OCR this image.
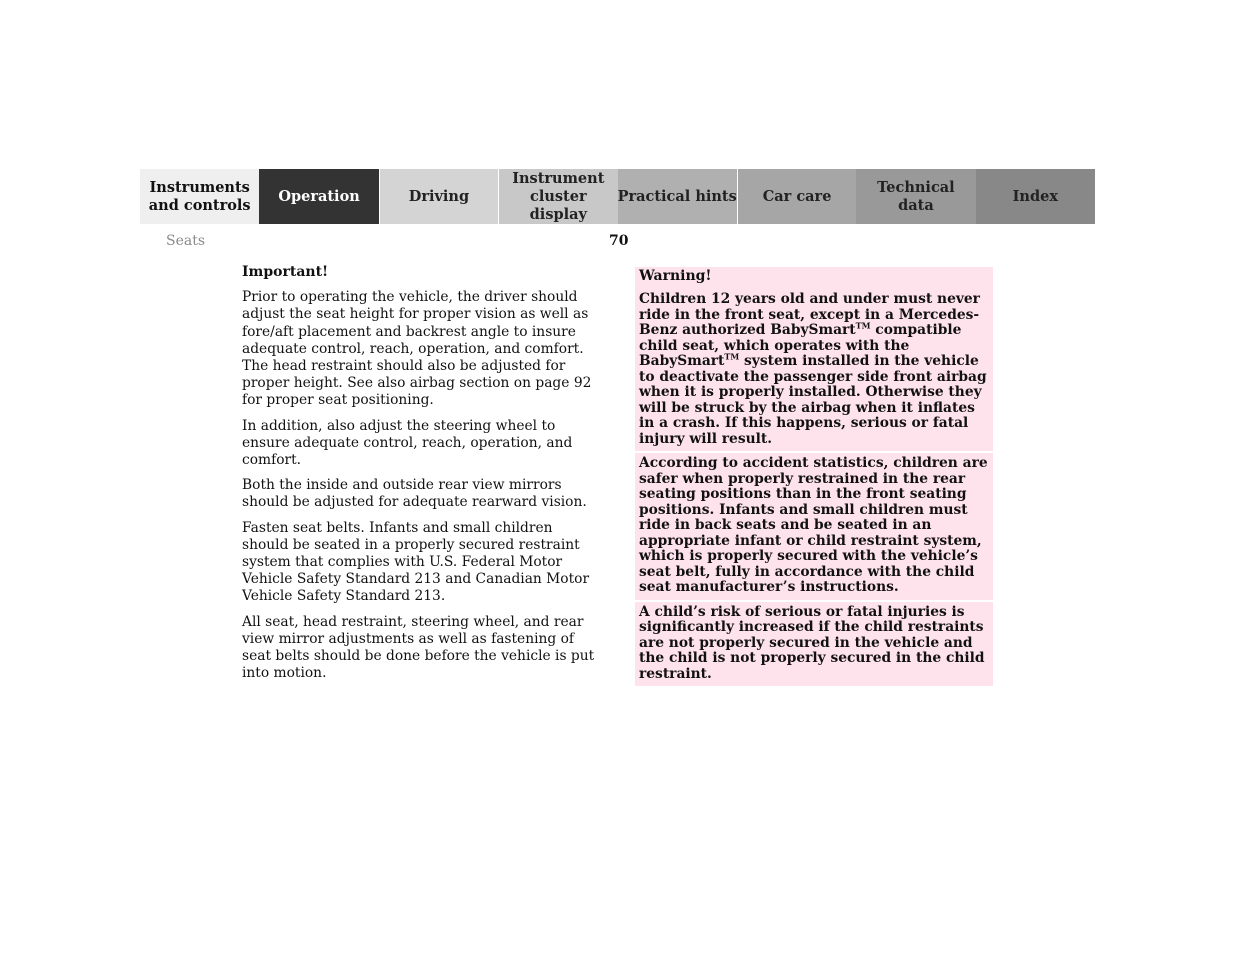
Instruments
and controls
Operation	Driving
Instrument
cluster display
Practical hints Car care
Technical
data
Index
Seats	70
Important!

Prior to operating the vehicle, the driver should adjust the seat height for proper vision as well as fore/aft placement and backrest angle to insure adequate control, reach, operation, and comfort. The head restraint should also be adjusted for proper height. See also airbag section on page 92 for proper seat positioning.

In addition, also adjust the steering wheel to ensure adequate control, reach, operation, and comfort.

Both the inside and outside rear view mirrors should be adjusted for adequate rearward vision.

Fasten seat belts. Infants and small children should be seated in a properly secured restraint system that complies with U.S. Federal Motor Vehicle Safety Standard 213 and Canadian Motor Vehicle Safety Standard 213.

All seat, head restraint, steering wheel, and rear view mirror adjustments as well as fastening of seat belts should be done before the vehicle is put into motion.

Warning!

Children 12 years old and under must never ride in the front seat, except in a Mercedes-Benz authorized BabySmart™ compatible child seat, which operates with the BabySmart™ system installed in the vehicle to deactivate the passenger side front airbag when it is properly installed. Otherwise they will be struck by the airbag when it inflates in a crash. If this happens, serious or fatal injury will result.

According to accident statistics, children are safer when properly restrained in the rear seating positions than in the front seating positions. Infants and small children must ride in back seats and be seated in an appropriate infant or child restraint system, which is properly secured with the vehicle’s seat belt, fully in accordance with the child seat manufacturer’s instructions.

A child’s risk of serious or fatal injuries is significantly increased if the child restraints are not properly secured in the vehicle and the child is not properly secured in the child restraint.
